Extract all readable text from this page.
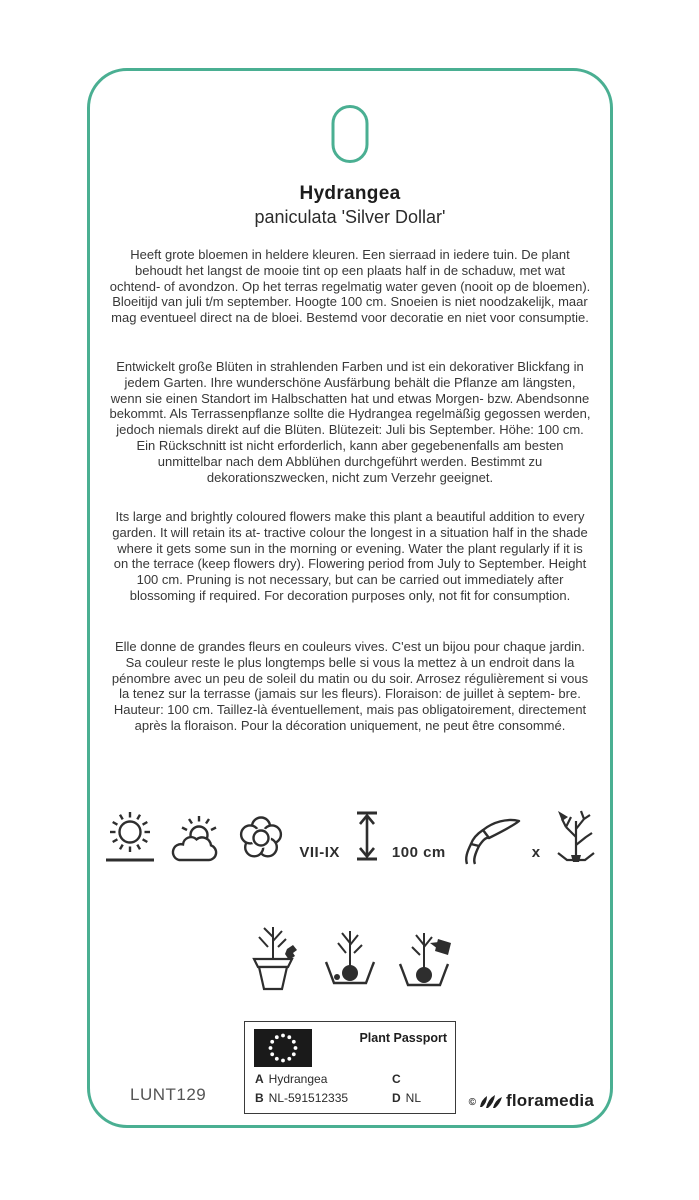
Hydrangea
paniculata 'Silver Dollar'

Heeft grote bloemen in heldere kleuren. Een sierraad in iedere tuin. De plant behoudt het langst de mooie tint op een plaats half in de schaduw, met wat ochtend- of avondzon. Op het terras regelmatig water geven (nooit op de bloemen). Bloeitijd van juli t/m september. Hoogte 100 cm. Snoeien is niet noodzakelijk, maar mag eventueel direct na de bloei. Bestemd voor decoratie en niet voor consumptie.

Entwickelt große Blüten in strahlenden Farben und ist ein dekorativer Blickfang in jedem Garten. Ihre wunderschöne Ausfärbung behält die Pflanze am längsten, wenn sie einen Standort im Halbschatten hat und etwas Morgen- bzw. Abendsonne bekommt. Als Terrassenpflanze sollte die Hydrangea regelmäßig gegossen werden, jedoch niemals direkt auf die Blüten. Blütezeit: Juli bis September. Höhe: 100 cm. Ein Rückschnitt ist nicht erforderlich, kann aber gegebenenfalls am besten unmittelbar nach dem Abblühen durchgeführt werden. Bestimmt zu dekorationszwecken, nicht zum Verzehr geeignet.

Its large and brightly coloured flowers make this plant a beautiful addition to every garden. It will retain its at- tractive colour the longest in a situation half in the shade where it gets some sun in the morning or evening. Water the plant regularly if it is on the terrace (keep flowers dry). Flowering period from July to September. Height 100 cm. Pruning is not necessary, but can be carried out immediately after blossoming if required. For decoration purposes only, not fit for consumption.

Elle donne de grandes fleurs en couleurs vives. C'est un bijou pour chaque jardin. Sa couleur reste le plus longtemps belle si vous la mettez à un endroit dans la pénombre avec un peu de soleil du matin ou du soir. Arrosez régulièrement si vous la tenez sur la terrasse (jamais sur les fleurs). Floraison: de juillet à septem- bre. Hauteur: 100 cm. Taillez-là éventuellement, mais pas obligatoirement, directement après la floraison. Pour la décoration uniquement, ne peut être consommé.

VII-IX	100 cm	x
Plant Passport
A Hydrangea
B NL-591512335
C
D NL
LUNT129	© floramedia
